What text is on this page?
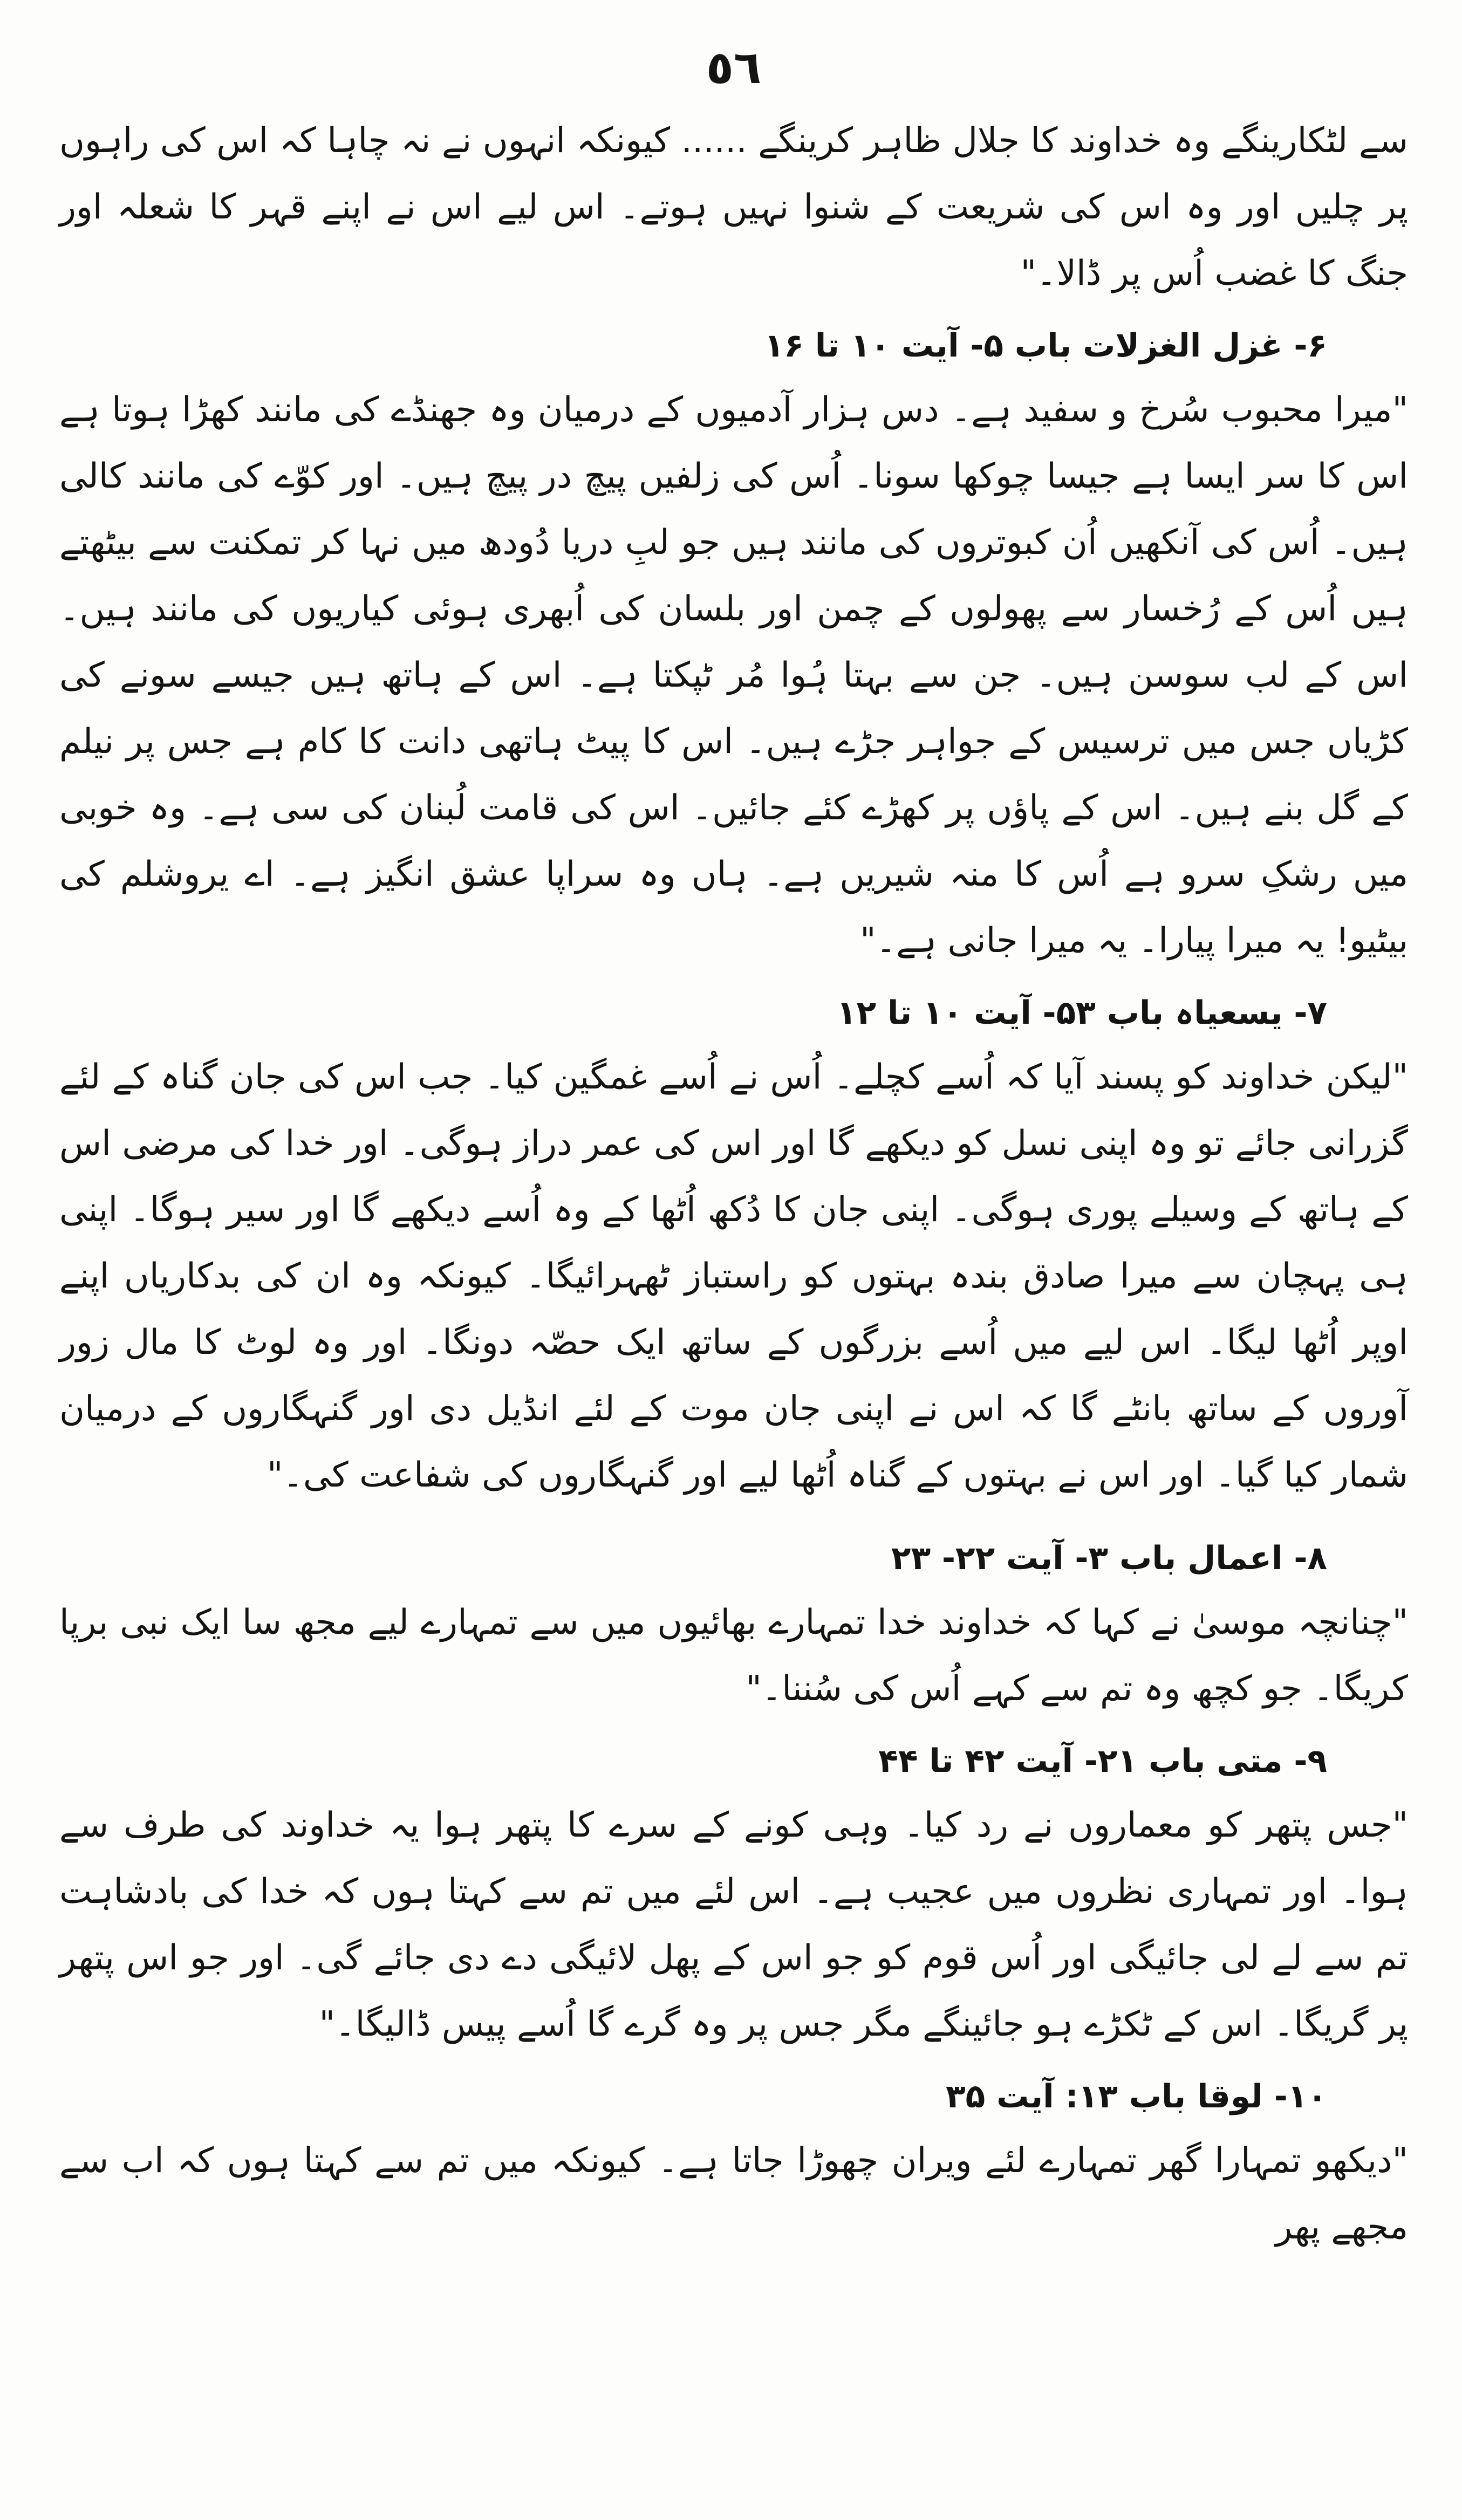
٥٦

سے لٹکارینگے وہ خداوند کا جلال ظاہر کرینگے ...... کیونکہ انہوں نے نہ چاہا کہ اس کی راہوں پر چلیں اور وہ اس کی شریعت کے شنوا نہیں ہوتے۔ اس لیے اس نے اپنے قہر کا شعلہ اور جنگ کا غضب اُس پر ڈالا۔"

۶- غزل الغزلات باب ۵- آیت ۱۰ تا ۱۶

"میرا محبوب سُرخ و سفید ہے۔ دس ہزار آدمیوں کے درمیان وہ جھنڈے کی مانند کھڑا ہوتا ہے اس کا سر ایسا ہے جیسا چوکھا سونا۔ اُس کی زلفیں پیچ در پیچ ہیں۔ اور کوّے کی مانند کالی ہیں۔ اُس کی آنکھیں اُن کبوتروں کی مانند ہیں جو لبِ دریا دُودھ میں نہا کر تمکنت سے بیٹھتے ہیں اُس کے رُخسار سے پھولوں کے چمن اور بلسان کی اُبھری ہوئی کیاریوں کی مانند ہیں۔ اس کے لب سوسن ہیں۔ جن سے بہتا ہُوا مُر ٹپکتا ہے۔ اس کے ہاتھ ہیں جیسے سونے کی کڑیاں جس میں ترسیس کے جواہر جڑے ہیں۔ اس کا پیٹ ہاتھی دانت کا کام ہے جس پر نیلم کے گل بنے ہیں۔ اس کے پاؤں پر کھڑے کئے جائیں۔ اس کی قامت لُبنان کی سی ہے۔ وہ خوبی میں رشکِ سرو ہے اُس کا منہ شیریں ہے۔ ہاں وہ سراپا عشق انگیز ہے۔ اے یروشلم کی بیٹیو! یہ میرا پیارا۔ یہ میرا جانی ہے۔"

۷- یسعیاہ باب ۵۳- آیت ۱۰ تا ۱۲

"لیکن خداوند کو پسند آیا کہ اُسے کچلے۔ اُس نے اُسے غمگین کیا۔ جب اس کی جان گناہ کے لئے گزرانی جائے تو وہ اپنی نسل کو دیکھے گا اور اس کی عمر دراز ہوگی۔ اور خدا کی مرضی اس کے ہاتھ کے وسیلے پوری ہوگی۔ اپنی جان کا دُکھ اُٹھا کے وہ اُسے دیکھے گا اور سیر ہوگا۔ اپنی ہی پہچان سے میرا صادق بندہ بہتوں کو راستباز ٹھہرائیگا۔ کیونکہ وہ ان کی بدکاریاں اپنے اوپر اُٹھا لیگا۔ اس لیے میں اُسے بزرگوں کے ساتھ ایک حصّہ دونگا۔ اور وہ لوٹ کا مال زور آوروں کے ساتھ بانٹے گا کہ اس نے اپنی جان موت کے لئے انڈیل دی اور گنہگاروں کے درمیان شمار کیا گیا۔ اور اس نے بہتوں کے گناہ اُٹھا لیے اور گنہگاروں کی شفاعت کی۔"

۸- اعمال باب ۳- آیت ۲۲- ۲۳

"چنانچہ موسیٰ نے کہا کہ خداوند خدا تمہارے بھائیوں میں سے تمہارے لیے مجھ سا ایک نبی برپا کریگا۔ جو کچھ وہ تم سے کہے اُس کی سُننا۔"

۹- متی باب ۲۱- آیت ۴۲ تا ۴۴

"جس پتھر کو معماروں نے رد کیا۔ وہی کونے کے سرے کا پتھر ہوا یہ خداوند کی طرف سے ہوا۔ اور تمہاری نظروں میں عجیب ہے۔ اس لئے میں تم سے کہتا ہوں کہ خدا کی بادشاہت تم سے لے لی جائیگی اور اُس قوم کو جو اس کے پھل لائیگی دے دی جائے گی۔ اور جو اس پتھر پر گریگا۔ اس کے ٹکڑے ہو جائینگے مگر جس پر وہ گرے گا اُسے پیس ڈالیگا۔"

۱۰- لوقا باب ۱۳: آیت ۳۵

"دیکھو تمہارا گھر تمہارے لئے ویران چھوڑا جاتا ہے۔ کیونکہ میں تم سے کہتا ہوں کہ اب سے مجھے پھر
